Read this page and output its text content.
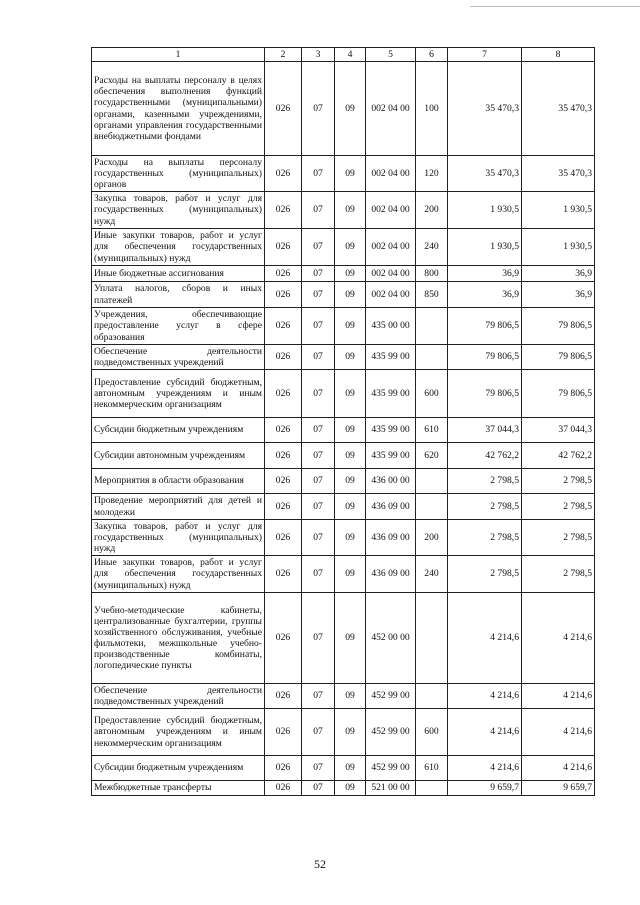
1	2	3	4	5	6	7	8
Расходы на выплаты персоналу в целях обеспечения выполнения функций государственными (муниципальными) органами, казенными учреждениями, органами управления государственными внебюджетными фондами	026	07	09	002 04 00	100	35 470,3	35 470,3
Расходы на выплаты персоналу государственных (муниципальных) органов	026	07	09	002 04 00	120	35 470,3	35 470,3
Закупка товаров, работ и услуг для государственных (муниципальных) нужд	026	07	09	002 04 00	200	1 930,5	1 930,5
Иные закупки товаров, работ и услуг для обеспечения государственных (муниципальных) нужд	026	07	09	002 04 00	240	1 930,5	1 930,5
Иные бюджетные ассигнования	026	07	09	002 04 00	800	36,9	36,9
Уплата налогов, сборов и иных платежей	026	07	09	002 04 00	850	36,9	36,9
Учреждения, обеспечивающие предоставление услуг в сфере образования	026	07	09	435 00 00		79 806,5	79 806,5
Обеспечение деятельности подведомственных учреждений	026	07	09	435 99 00		79 806,5	79 806,5
Предоставление субсидий бюджетным, автономным учреждениям и иным некоммерческим организациям	026	07	09	435 99 00	600	79 806,5	79 806,5
Субсидии бюджетным учреждениям	026	07	09	435 99 00	610	37 044,3	37 044,3
Субсидии автономным учреждениям	026	07	09	435 99 00	620	42 762,2	42 762,2
Мероприятия в области образования	026	07	09	436 00 00		2 798,5	2 798,5
Проведение мероприятий для детей и молодежи	026	07	09	436 09 00		2 798,5	2 798,5
Закупка товаров, работ и услуг для государственных (муниципальных) нужд	026	07	09	436 09 00	200	2 798,5	2 798,5
Иные закупки товаров, работ и услуг для обеспечения государственных (муниципальных) нужд	026	07	09	436 09 00	240	2 798,5	2 798,5
Учебно-методические кабинеты, централизованные бухгалтерии, группы хозяйственного обслуживания, учебные фильмотеки, межшкольные учебно-производственные комбинаты, логопедические пункты	026	07	09	452 00 00		4 214,6	4 214,6
Обеспечение деятельности подведомственных учреждений	026	07	09	452 99 00		4 214,6	4 214,6
Предоставление субсидий бюджетным, автономным учреждениям и иным некоммерческим организациям	026	07	09	452 99 00	600	4 214,6	4 214,6
Субсидии бюджетным учреждениям	026	07	09	452 99 00	610	4 214,6	4 214,6
Межбюджетные трансферты	026	07	09	521 00 00		9 659,7	9 659,7
52
